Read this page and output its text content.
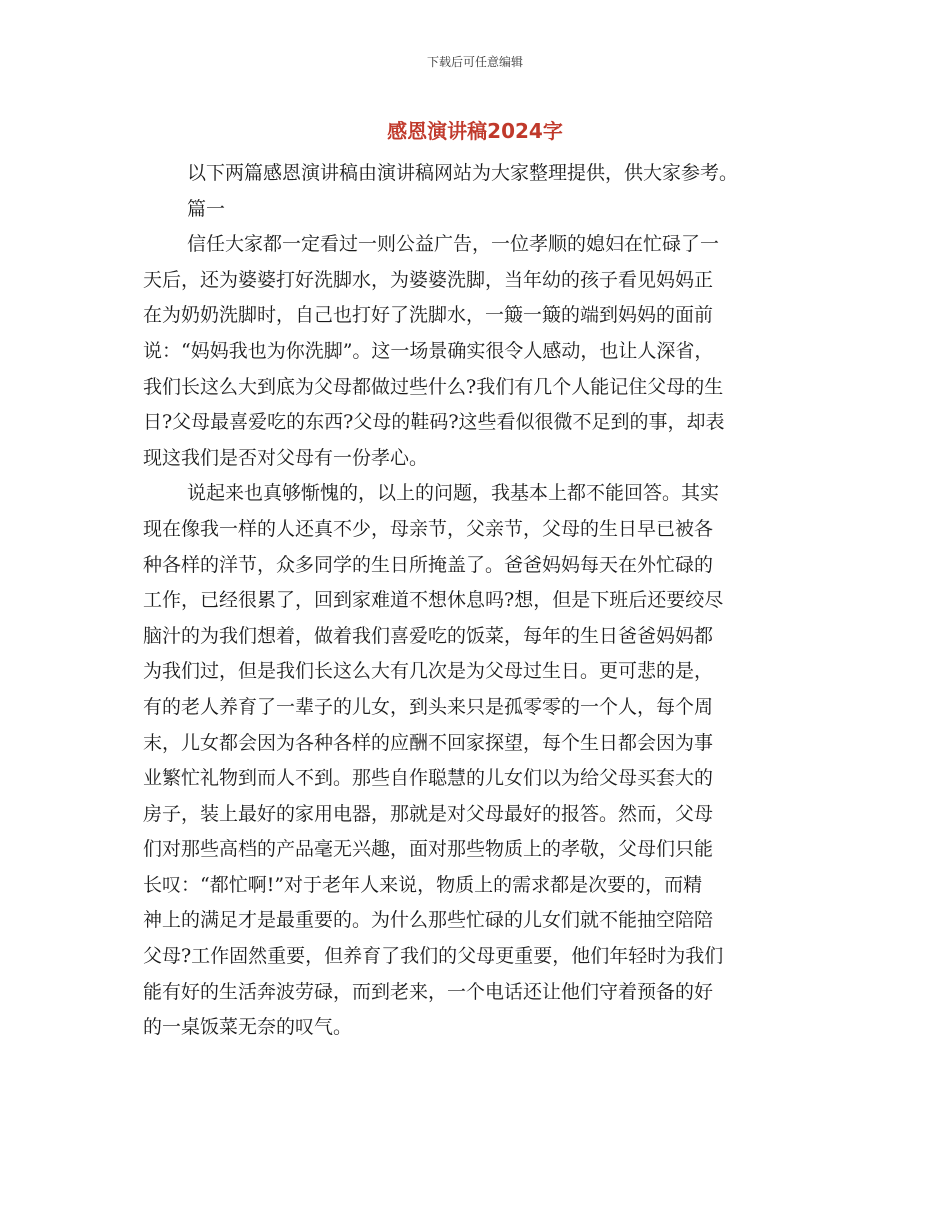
下载后可任意编辑
感恩演讲稿2024字
以下两篇感恩演讲稿由演讲稿网站为大家整理提供，供大家参考。
篇一
信任大家都一定看过一则公益广告，一位孝顺的媳妇在忙碌了一
天后，还为婆婆打好洗脚水，为婆婆洗脚，当年幼的孩子看见妈妈正
在为奶奶洗脚时，自己也打好了洗脚水，一簸一簸的端到妈妈的面前
说：“妈妈我也为你洗脚”。这一场景确实很令人感动，也让人深省，
我们长这么大到底为父母都做过些什么?我们有几个人能记住父母的生
日?父母最喜爱吃的东西?父母的鞋码?这些看似很微不足到的事，却表
现这我们是否对父母有一份孝心。
说起来也真够惭愧的，以上的问题，我基本上都不能回答。其实
现在像我一样的人还真不少，母亲节，父亲节，父母的生日早已被各
种各样的洋节，众多同学的生日所掩盖了。爸爸妈妈每天在外忙碌的
工作，已经很累了，回到家难道不想休息吗?想，但是下班后还要绞尽
脑汁的为我们想着，做着我们喜爱吃的饭菜，每年的生日爸爸妈妈都
为我们过，但是我们长这么大有几次是为父母过生日。更可悲的是，
有的老人养育了一辈子的儿女，到头来只是孤零零的一个人，每个周
末，儿女都会因为各种各样的应酬不回家探望，每个生日都会因为事
业繁忙礼物到而人不到。那些自作聪慧的儿女们以为给父母买套大的
房子，装上最好的家用电器，那就是对父母最好的报答。然而，父母
们对那些高档的产品毫无兴趣，面对那些物质上的孝敬，父母们只能
长叹：“都忙啊!”对于老年人来说，物质上的需求都是次要的，而精
神上的满足才是最重要的。为什么那些忙碌的儿女们就不能抽空陪陪
父母?工作固然重要，但养育了我们的父母更重要，他们年轻时为我们
能有好的生活奔波劳碌，而到老来，一个电话还让他们守着预备的好
的一桌饭菜无奈的叹气。
